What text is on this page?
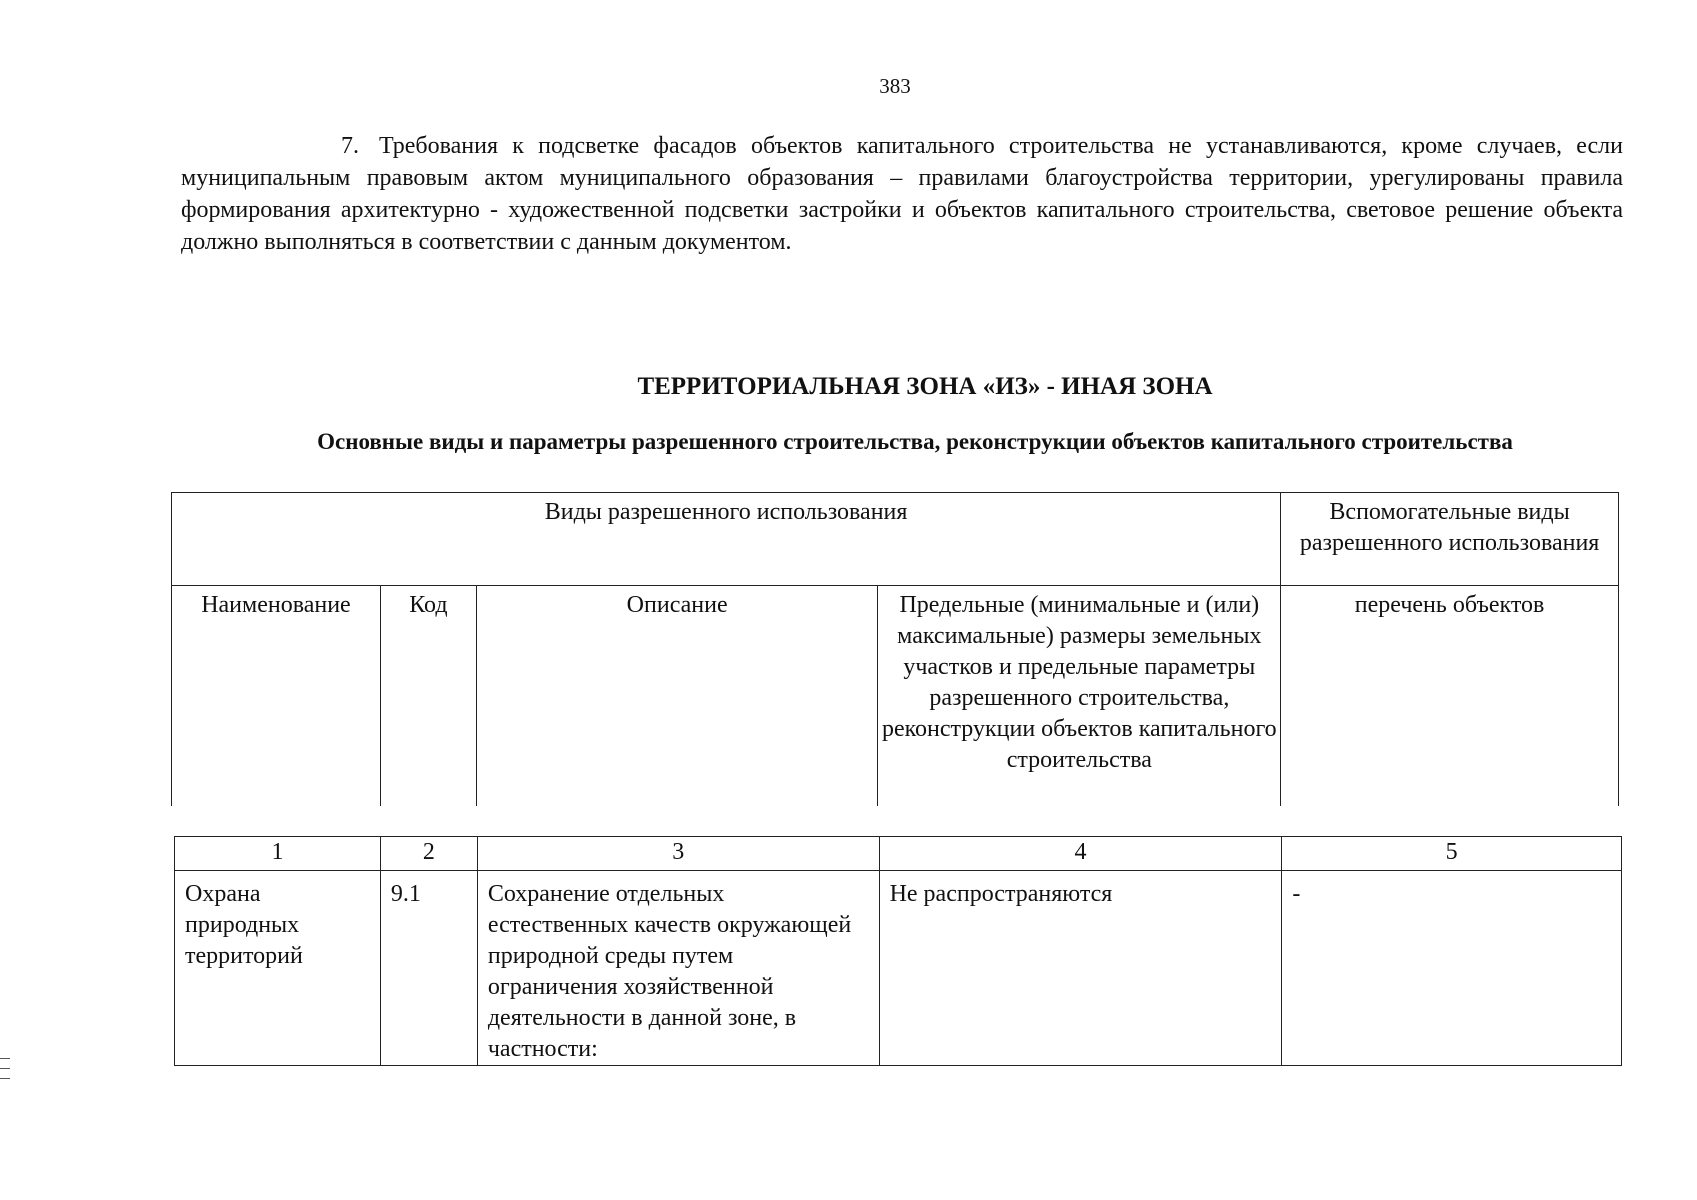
383
7. Требования к подсветке фасадов объектов капитального строительства не устанавливаются, кроме случаев, если муниципальным правовым актом муниципального образования – правилами благоустройства территории, урегулированы правила формирования архитектурно - художественной подсветки застройки и объектов капитального строительства, световое решение объекта должно выполняться в соответствии с данным документом.
ТЕРРИТОРИАЛЬНАЯ ЗОНА «ИЗ» - ИНАЯ ЗОНА
Основные виды и параметры разрешенного строительства, реконструкции объектов капитального строительства
Виды разрешенного использования				Вспомогательные виды разрешенного использования
Наименование	Код	Описание	Предельные (минимальные и (или) максимальные) размеры земельных участков и предельные параметры разрешенного строительства, реконструкции объектов капитального строительства	перечень объектов
1	2	3	4	5
Охрана природных территорий	9.1	Сохранение отдельных естественных качеств окружающей природной среды путем ограничения хозяйственной деятельности в данной зоне, в частности:	Не распространяются	-
